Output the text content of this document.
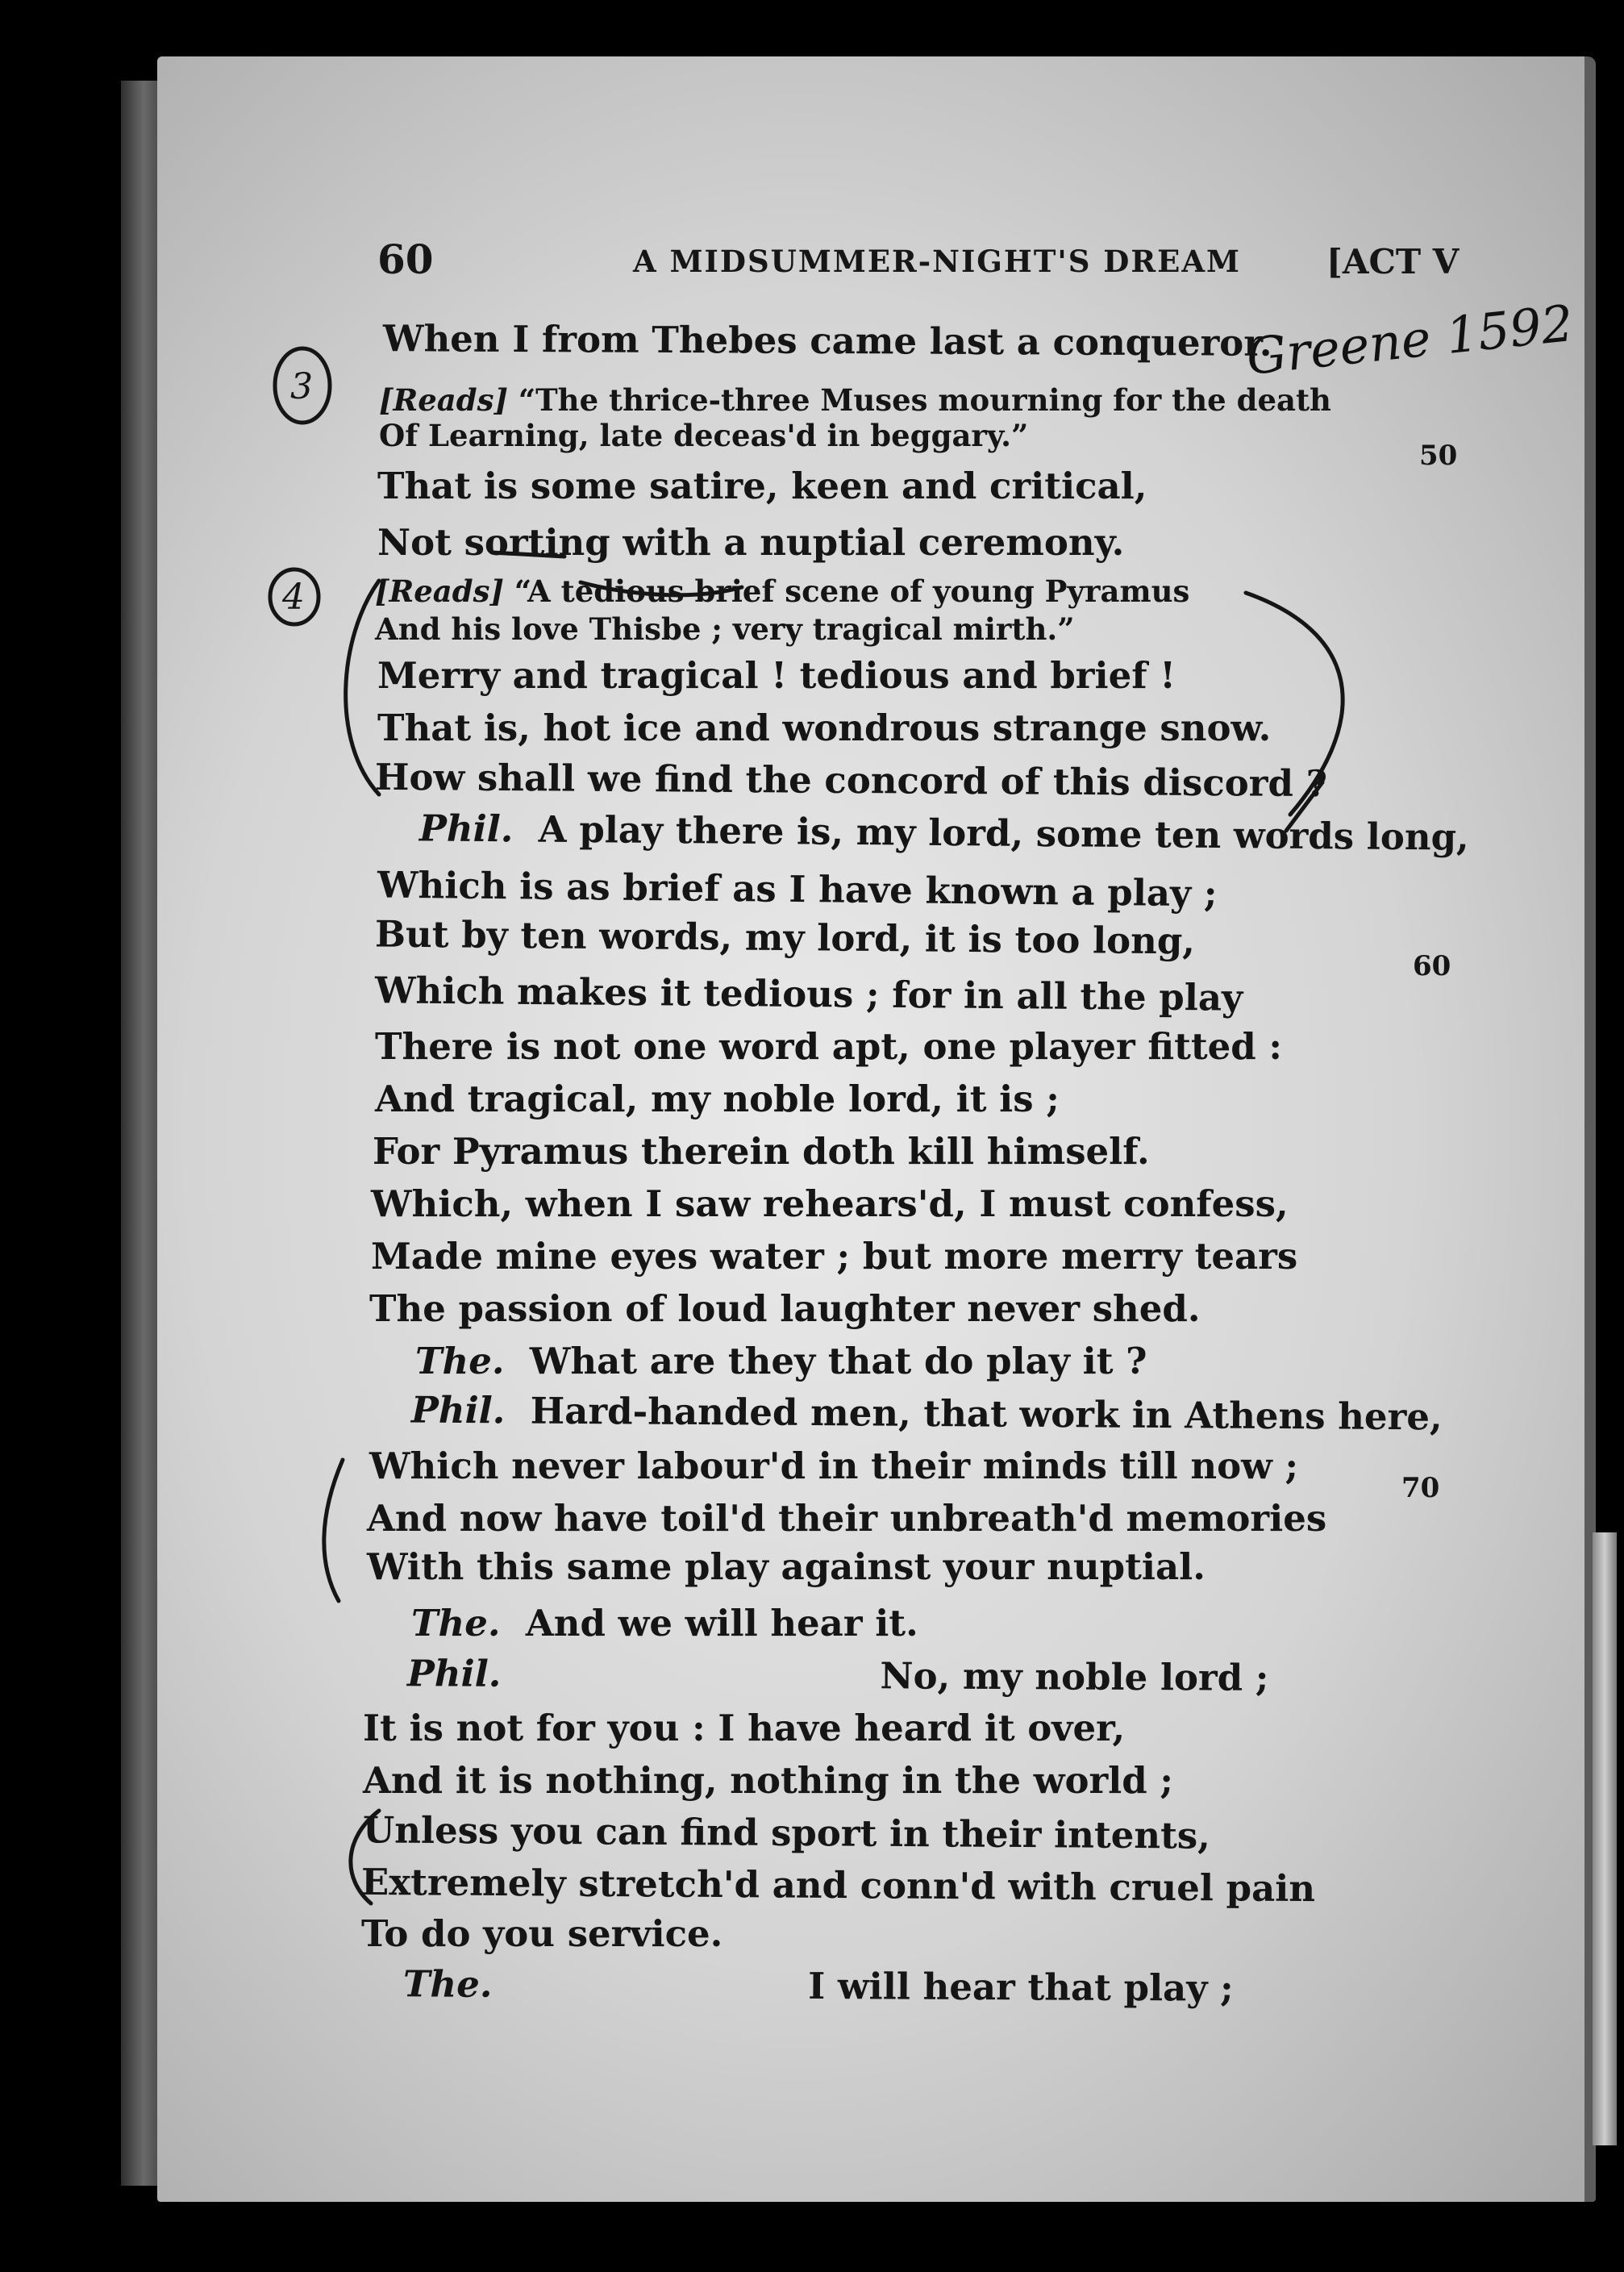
60	A MIDSUMMER-NIGHT'S DREAM	[ACT V
Greene 1592
3
4
When I from Thebes came last a conqueror.
[Reads] “The thrice-three Muses mourning for the death
Of Learning, late deceas'd in beggary.”
That is some satire, keen and critical,
Not sorting with a nuptial ceremony.
[Reads] “A tedious brief scene of young Pyramus
And his love Thisbe ; very tragical mirth.”
Merry and tragical ! tedious and brief !
That is, hot ice and wondrous strange snow.
How shall we find the concord of this discord ?
Phil.  A play there is, my lord, some ten words long,
Which is as brief as I have known a play ;
But by ten words, my lord, it is too long,
Which makes it tedious ; for in all the play
There is not one word apt, one player fitted :
And tragical, my noble lord, it is ;
For Pyramus therein doth kill himself.
Which, when I saw rehears'd, I must confess,
Made mine eyes water ; but more merry tears
The passion of loud laughter never shed.
The.  What are they that do play it ?
Phil.  Hard-handed men, that work in Athens here,
Which never labour'd in their minds till now ;
And now have toil'd their unbreath'd memories
With this same play against your nuptial.
The.  And we will hear it.
Phil.                              No, my noble lord ;
It is not for you : I have heard it over,
And it is nothing, nothing in the world ;
Unless you can find sport in their intents,
Extremely stretch'd and conn'd with cruel pain
To do you service.
The.                         I will hear that play ;
50
60
70
